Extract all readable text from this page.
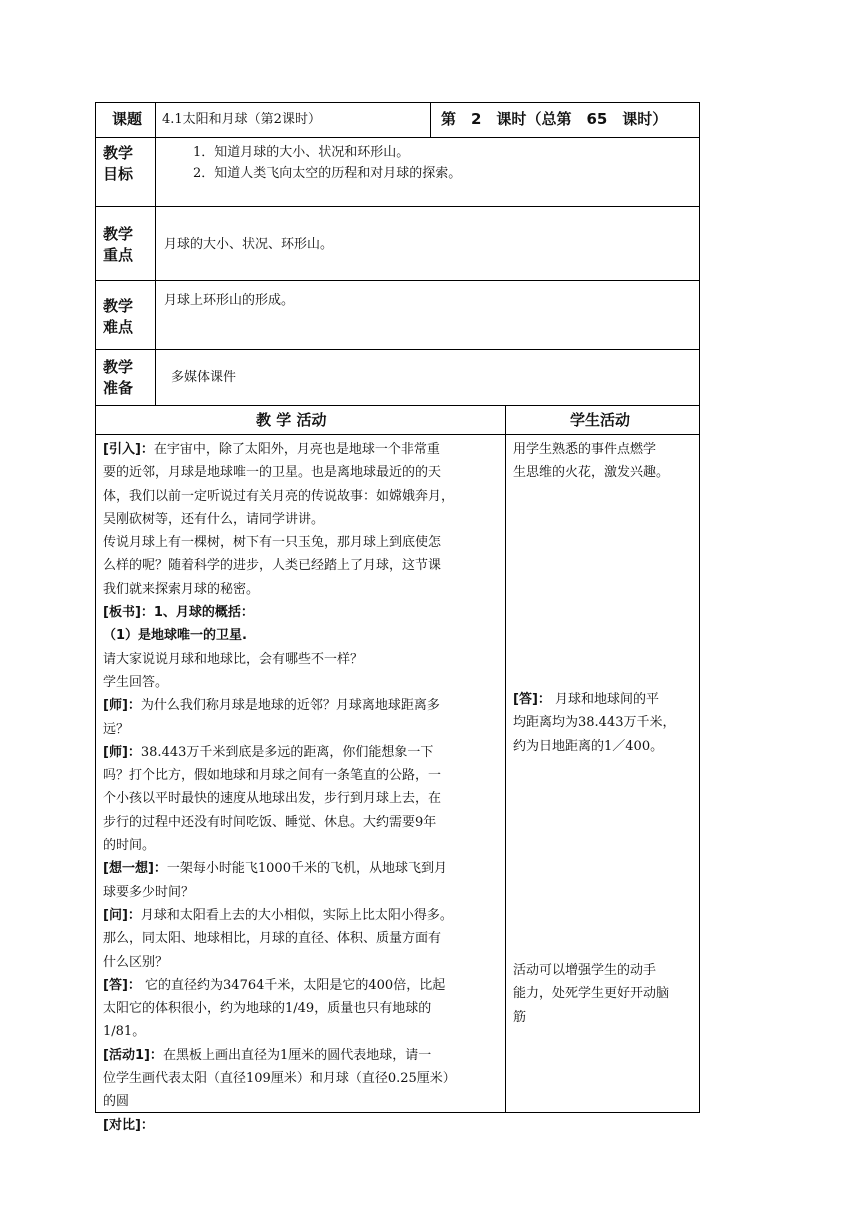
课题 4.1太阳和月球（第2课时）	第　2　课时（总第　65　课时）
教学
目标
1．知道月球的大小、状况和环形山。
2．知道人类飞向太空的历程和对月球的探索。
教学
重点
月球的大小、状况、环形山。
教学
难点
月球上环形山的形成。
教学
准备
多媒体课件
教 学 活动	学生活动

[引入]：在宇宙中，除了太阳外，月亮也是地球一个非常重

要的近邻，月球是地球唯一的卫星。也是离地球最近的的天

体，我们以前一定听说过有关月亮的传说故事：如嫦娥奔月，

吴刚砍树等，还有什么，请同学讲讲。

传说月球上有一棵树，树下有一只玉兔，那月球上到底使怎

么样的呢？随着科学的进步，人类已经踏上了月球，这节课

我们就来探索月球的秘密。

[板书]：1、月球的概括：

（1）是地球唯一的卫星.

请大家说说月球和地球比，会有哪些不一样？

学生回答。

[师]：为什么我们称月球是地球的近邻？月球离地球距离多

远？

[师]：38.443万千米到底是多远的距离，你们能想象一下

吗？打个比方，假如地球和月球之间有一条笔直的公路，一

个小孩以平时最快的速度从地球出发，步行到月球上去，在

步行的过程中还没有时间吃饭、睡觉、休息。大约需要9年

的时间。

[想一想]：一架每小时能飞1000千米的飞机，从地球飞到月

球要多少时间？

[问]：月球和太阳看上去的大小相似，实际上比太阳小得多。

那么，同太阳、地球相比，月球的直径、体积、质量方面有

什么区别？

[答]： 它的直径约为34764千米，太阳是它的400倍，比起

太阳它的体积很小，约为地球的1/49，质量也只有地球的

1/81。

[活动1]：在黑板上画出直径为1厘米的圆代表地球，请一

位学生画代表太阳（直径109厘米）和月球（直径0.25厘米）

的圆

[对比]：

用学生熟悉的事件点燃学

生思维的火花，激发兴趣。

[答]： 月球和地球间的平

均距离均为38.443万千米，

约为日地距离的1／400。

活动可以增强学生的动手

能力，处死学生更好开动脑

筋
